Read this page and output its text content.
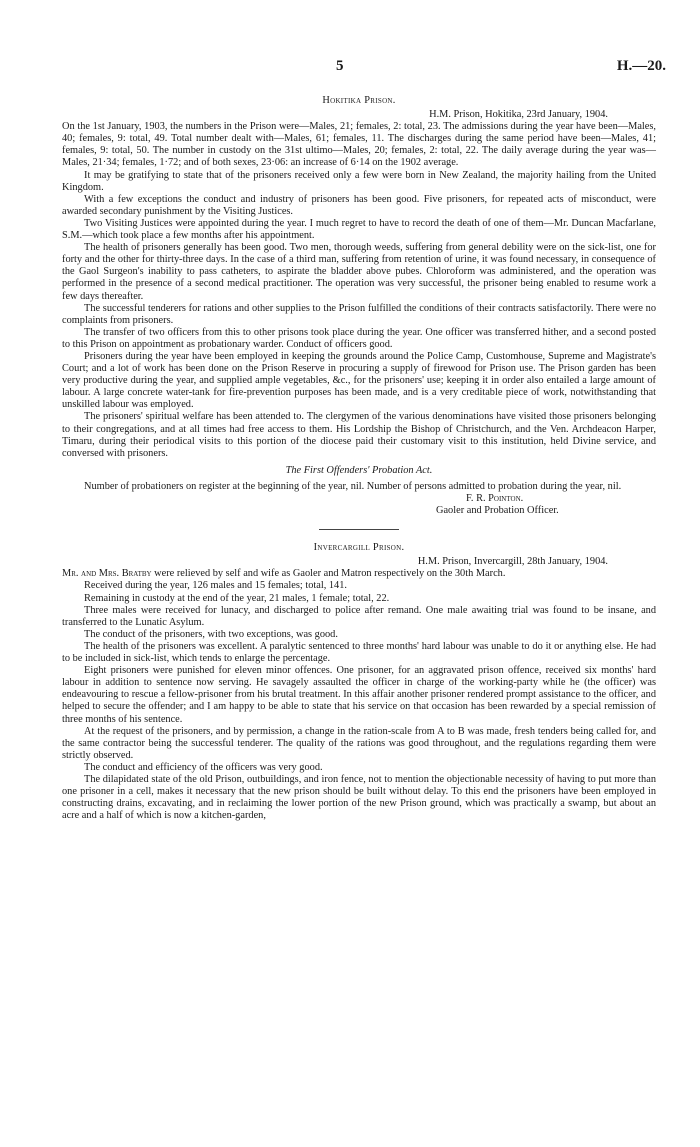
5	H.—20.
Hokitika Prison.
H.M. Prison, Hokitika, 23rd January, 1904.

On the 1st January, 1903, the numbers in the Prison were—Males, 21; females, 2: total, 23. The admissions during the year have been—Males, 40; females, 9: total, 49. Total number dealt with—Males, 61; females, 11. The discharges during the same period have been—Males, 41; females, 9: total, 50. The number in custody on the 31st ultimo—Males, 20; females, 2: total, 22. The daily average during the year was—Males, 21·34; females, 1·72; and of both sexes, 23·06: an increase of 6·14 on the 1902 average.

It may be gratifying to state that of the prisoners received only a few were born in New Zealand, the majority hailing from the United Kingdom.

With a few exceptions the conduct and industry of prisoners has been good. Five prisoners, for repeated acts of misconduct, were awarded secondary punishment by the Visiting Justices.

Two Visiting Justices were appointed during the year. I much regret to have to record the death of one of them—Mr. Duncan Macfarlane, S.M.—which took place a few months after his appointment.

The health of prisoners generally has been good. Two men, thorough weeds, suffering from general debility were on the sick-list, one for forty and the other for thirty-three days. In the case of a third man, suffering from retention of urine, it was found necessary, in consequence of the Gaol Surgeon's inability to pass catheters, to aspirate the bladder above pubes. Chloroform was administered, and the operation was performed in the presence of a second medical practitioner. The operation was very successful, the prisoner being enabled to resume work a few days thereafter.

The successful tenderers for rations and other supplies to the Prison fulfilled the conditions of their contracts satisfactorily. There were no complaints from prisoners.

The transfer of two officers from this to other prisons took place during the year. One officer was transferred hither, and a second posted to this Prison on appointment as probationary warder. Conduct of officers good.

Prisoners during the year have been employed in keeping the grounds around the Police Camp, Customhouse, Supreme and Magistrate's Court; and a lot of work has been done on the Prison Reserve in procuring a supply of firewood for Prison use. The Prison garden has been very productive during the year, and supplied ample vegetables, &c., for the prisoners' use; keeping it in order also entailed a large amount of labour. A large concrete water-tank for fire-prevention purposes has been made, and is a very creditable piece of work, notwithstanding that unskilled labour was employed.

The prisoners' spiritual welfare has been attended to. The clergymen of the various denominations have visited those prisoners belonging to their congregations, and at all times had free access to them. His Lordship the Bishop of Christchurch, and the Ven. Archdeacon Harper, Timaru, during their periodical visits to this portion of the diocese paid their customary visit to this institution, held Divine service, and conversed with prisoners.

The First Offenders' Probation Act.

Number of probationers on register at the beginning of the year, nil. Number of persons admitted to probation during the year, nil.

F. R. Pointon.
Gaoler and Probation Officer.
Invercargill Prison.
H.M. Prison, Invercargill, 28th January, 1904.

Mr. and Mrs. Bratby were relieved by self and wife as Gaoler and Matron respectively on the 30th March.

Received during the year, 126 males and 15 females; total, 141.

Remaining in custody at the end of the year, 21 males, 1 female; total, 22.

Three males were received for lunacy, and discharged to police after remand. One male awaiting trial was found to be insane, and transferred to the Lunatic Asylum.

The conduct of the prisoners, with two exceptions, was good.

The health of the prisoners was excellent. A paralytic sentenced to three months' hard labour was unable to do it or anything else. He had to be included in sick-list, which tends to enlarge the percentage.

Eight prisoners were punished for eleven minor offences. One prisoner, for an aggravated prison offence, received six months' hard labour in addition to sentence now serving. He savagely assaulted the officer in charge of the working-party while he (the officer) was endeavouring to rescue a fellow-prisoner from his brutal treatment. In this affair another prisoner rendered prompt assistance to the officer, and helped to secure the offender; and I am happy to be able to state that his service on that occasion has been rewarded by a special remission of three months of his sentence.

At the request of the prisoners, and by permission, a change in the ration-scale from A to B was made, fresh tenders being called for, and the same contractor being the successful tenderer. The quality of the rations was good throughout, and the regulations regarding them were strictly observed.

The conduct and efficiency of the officers was very good.

The dilapidated state of the old Prison, outbuildings, and iron fence, not to mention the objectionable necessity of having to put more than one prisoner in a cell, makes it necessary that the new prison should be built without delay. To this end the prisoners have been employed in constructing drains, excavating, and in reclaiming the lower portion of the new Prison ground, which was practically a swamp, but about an acre and a half of which is now a kitchen-garden,
